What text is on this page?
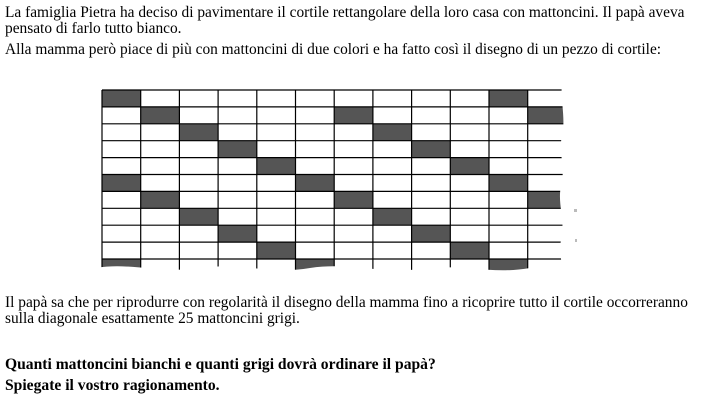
La famiglia Pietra ha deciso di pavimentare il cortile rettangolare della loro casa con mattoncini. Il papà aveva pensato di farlo tutto bianco.

Alla mamma però piace di più con mattoncini di due colori e ha fatto così il disegno di un pezzo di cortile:

Il papà sa che per riprodurre con regolarità il disegno della mamma fino a ricoprire tutto il cortile occorreranno sulla diagonale esattamente 25 mattoncini grigi.

Quanti mattoncini bianchi e quanti grigi dovrà ordinare il papà?

Spiegate il vostro ragionamento.
